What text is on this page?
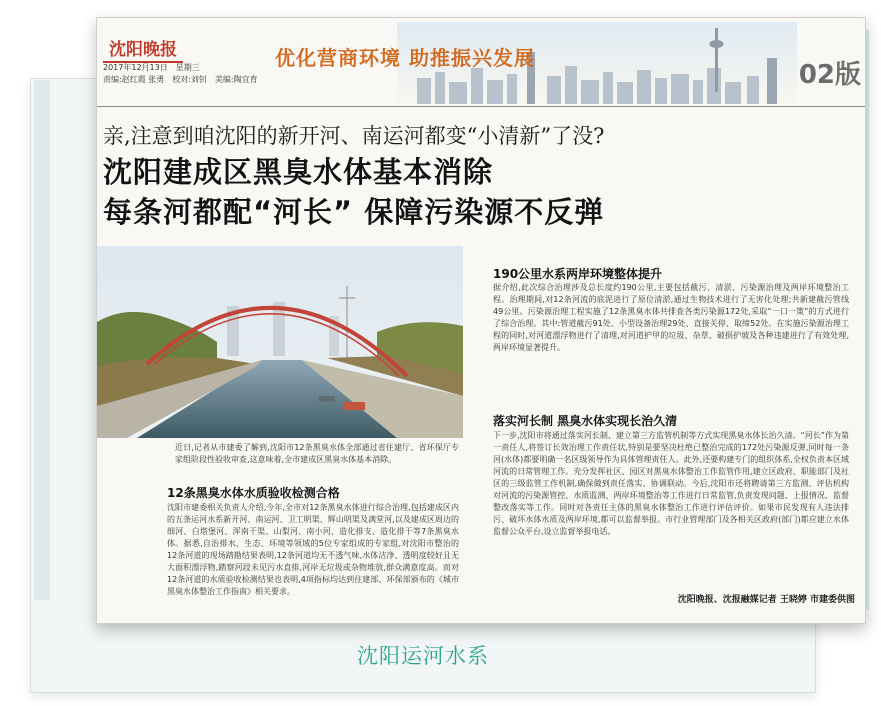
沈阳晚报
2017年12月13日　星期三
责编:赵红霞 张勇　校对:刘钊　美编:陶宜育
优化营商环境 助推振兴发展
02版
亲,注意到咱沈阳的新开河、南运河都变“小清新”了没?
沈阳建成区黑臭水体基本消除
每条河都配“河长” 保障污染源不反弹
近日,记者从市建委了解到,沈阳市12条黑臭水体全部通过省住建厅、省环保厅专家组阶段性验收审查,这意味着,全市建成区黑臭水体基本消除。
12条黑臭水体水质验收检测合格
沈阳市建委相关负责人介绍,今年,全市对12条黑臭水体进行综合治理,包括建成区内的五条运河水系新开河、南运河、卫工明渠、辉山明渠及满堂河,以及建成区周边的细河、白塔堡河、浑南干渠、山梨河、南小河、造化排支、造化排干等7条黑臭水体。据悉,自治排水、生态、环境等领域的5位专家组成的专家组,对沈阳市整治的12条河道的现场踏勘结果表明,12条河道均无不透气味,水体洁净、透明度较好且无大面积漂浮物,踏察河段未见污水直排,河岸无垃圾或杂物堆放,群众满意度高。而对12条河道的水质验收检测结果也表明,4项指标均达到住建部、环保部颁布的《城市黑臭水体整治工作指南》相关要求。
190公里水系两岸环境整体提升
据介绍,此次综合治理涉及总长度约190公里,主要包括截污、清淤、污染源治理及两岸环境整治工程。治理期间,对12条河流的底泥进行了原位清淤,通过生物技术进行了无害化处理;共新建截污管线49公里。污染源治理工程实施了12条黑臭水体共排查各类污染源172处,采取“一口一策”的方式进行了综合治理。其中:管道截污91处、小型设备治理29处、直接关停、取缔52处。在实施污染源治理工程的同时,对河道漂浮物进行了清理,对河道护甲的垃圾、杂草、破损护坡及各种违建进行了有效处理,两岸环境显著提升。
落实河长制 黑臭水体实现长治久清
下一步,沈阳市将通过落实河长制、建立第三方监管机制等方式实现黑臭水体长治久清。“河长”作为第一责任人,将签订长效治理工作责任状,特别是要坚决杜绝已整治完成的172处污染源反弹,同时每一条河(水体)都要明确一名区级领导作为具体管理责任人。此外,还要构建专门的组织体系,全权负责本区域河流的日常管理工作。充分发挥社区、园区对黑臭水体整治工作监管作用,建立区政府、职能部门及社区的三级监管工作机制,确保做到责任落实、协调联动。今后,沈阳市还将聘请第三方监测、评估机构对河流的污染源管控、水质监测、两岸环境整治等工作进行日常监管,负责发现问题、上报情况、监督整改落实等工作。同时对各责任主体的黑臭水体整治工作进行评估评价。如果市民发现有人违法排污、破坏水体水质及两岸环境,都可以监督举报。市行业管理部门及各相关区政府(部门)都应建立水体监督公众平台,设立监督举报电话。
沈阳晚报、沈报融媒记者 王晓婷 市建委供图
沈阳运河水系
